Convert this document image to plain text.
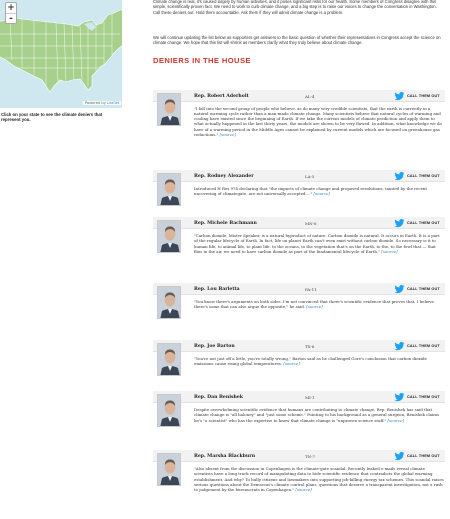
+
-
Powered by Leaflet
Click on your state to see the climate deniers that represent you.

Climate change is real, it's caused largely by human activities, and it poses significant risks for our health. Some members of Congress disagree with this simple, scientifically proven fact. We need to work to curb climate change, and a big step is to raise our voices to change the conversation in Washington. Call these deniers out. Hold them accountable. Ask them if they will admit climate change is a problem.

We will continue updating the list below as supporters get answers to the basic question of whether their representatives in Congress accept the science on climate change. We hope that this list will shrink as members clarify what they truly believe about climate change.

DENIERS IN THE HOUSE
Rep. Robert Aderholt	AL-4	CALL THEM OUT

"I fall into the second group of people who believe, as do many very credible scientists, that the earth is currently in a natural warming cycle rather than a man-made climate change. Many scientists believe that natural cycles of warming and cooling have existed since the beginning of Earth. If we take the current models of climate prediction and apply them to what actually happened in the last thirty years, the models are shown to be very flawed. In addition, what knowledge we do have of a warming period in the Middle Ages cannot be explained by current models which are focused on greenhouse gas reductions." [source]

Rep. Rodney Alexander	LA-5	CALL THEM OUT

Introduced H Res 974 declaring that "the impacts of climate change and proposed resolutions, tainted by the recent uncovering of climategate, are not universally accepted...." [source]

Rep. Michele Bachmann	MN-6	CALL THEM OUT

"Carbon dioxide, Mister Speaker, is a natural byproduct of nature. Carbon dioxide is natural. It occurs in Earth. It is a part of the regular lifecycle of Earth. In fact, life on planet Earth can't even exist without carbon dioxide. So necessary is it to human life, to animal life, to plant life, to the oceans, to the vegetation that's on the Earth, to the, to the fowl that — that flies in the air, we need to have carbon dioxide as part of the fundamental lifecycle of Earth." [source]

Rep. Lou Barletta	PA-11	CALL THEM OUT

"You know there's arguments on both sides. I'm not convinced that there's scientific evidence that proves that. I believe there's some that can also argue the opposite," he said. [source]

Rep. Joe Barton	TX-6	CALL THEM OUT

"You're not just off a little, you're totally wrong," Barton said as he challenged Gore's conclusion that carbon dioxide emissions cause rising global temperatures. [source]

Rep. Dan Benishek	MI-1	CALL THEM OUT

Despite overwhelming scientific evidence that humans are contributing to climate change, Rep. Benishek has said that climate change is "all baloney" and "just some scheme." Pointing to his background as a general surgeon, Benishek claims he's "a scientist" who has the expertise to know that climate change is "unproven science stuff." [source]

Rep. Marsha Blackburn	TN-7	CALL THEM OUT

"Also absent from the discussion in Copenhagen is the climate-gate scandal. Recently leaked e-mails reveal climate scientists have a long track record of manipulating data to hide scientific evidence that contradicts the global warming establishment. And why? To bully citizens and lawmakers into supporting job-killing energy tax schemes. This scandal raises serious questions about the Democrat's climate control plans, questions that deserve a transparent investigation, not a rush to judgement by the bureaucrats in Copenhagen." [source]
